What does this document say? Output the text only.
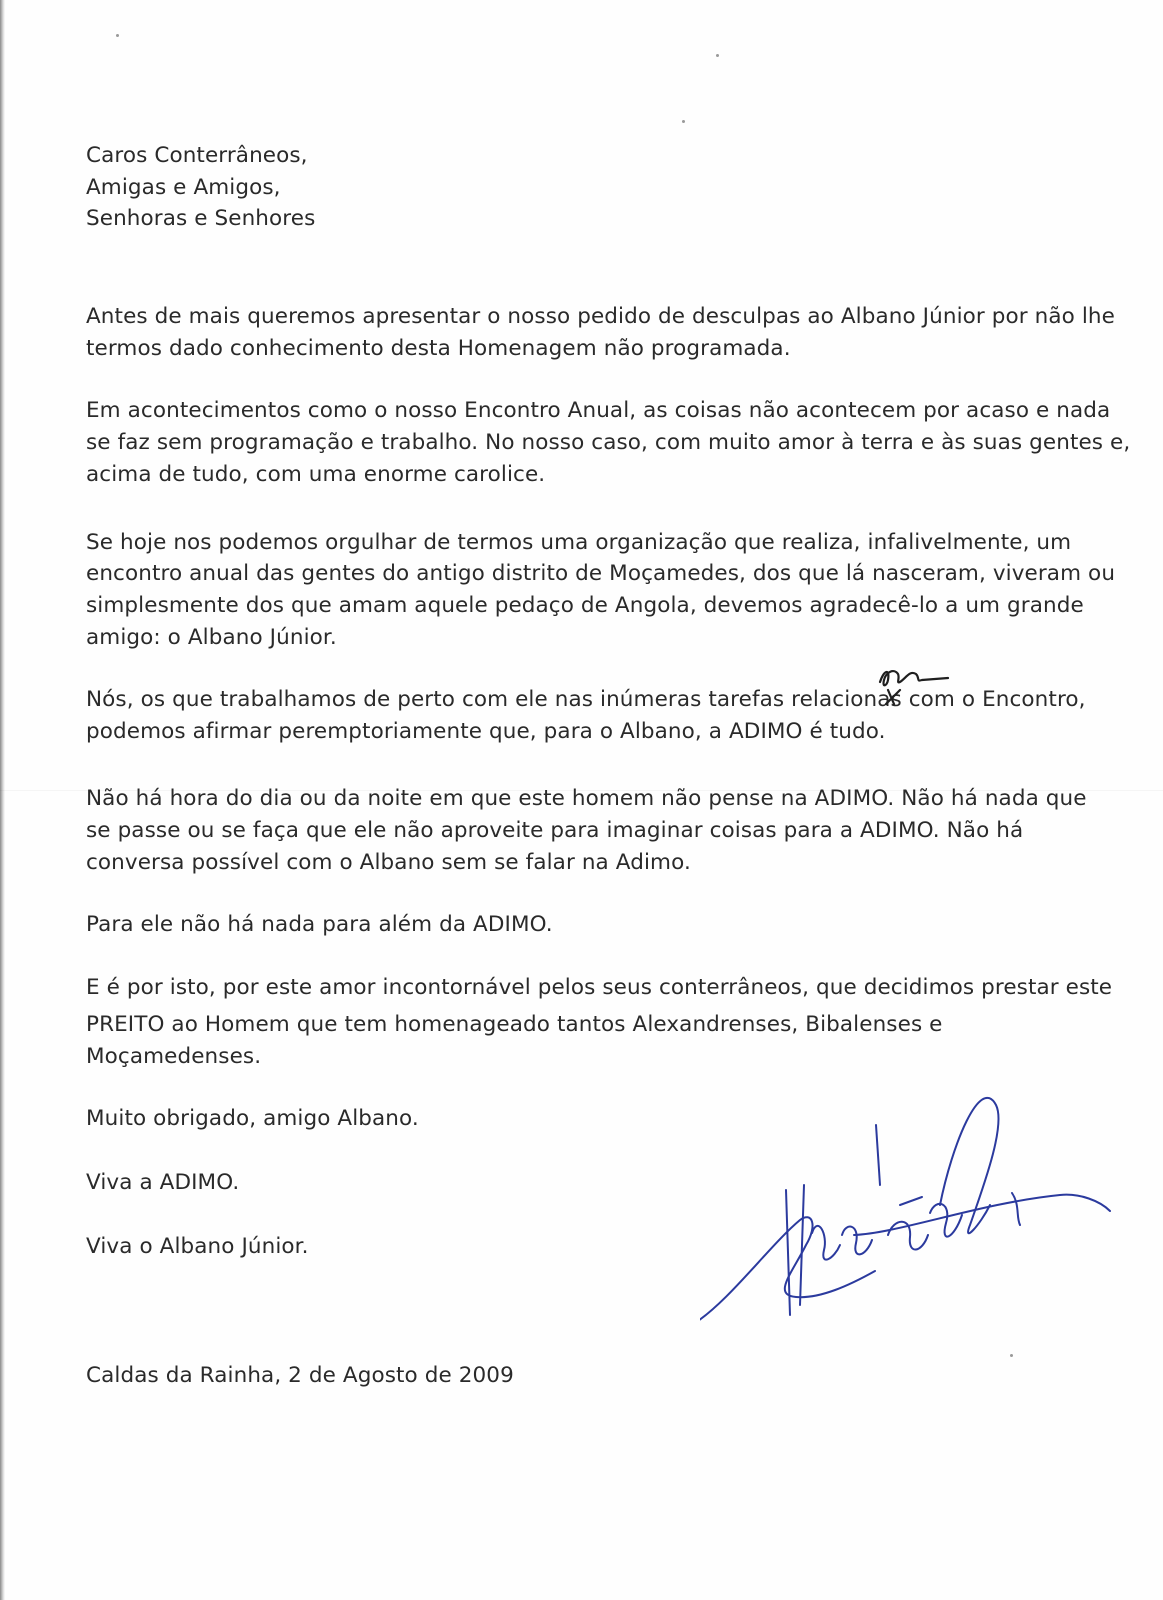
Caros Conterrâneos,
Amigas e Amigos,
Senhoras e Senhores
Antes de mais queremos apresentar o nosso pedido de desculpas ao Albano Júnior por não lhe
termos dado conhecimento desta Homenagem não programada.
Em acontecimentos como o nosso Encontro Anual, as coisas não acontecem por acaso e nada
se faz sem programação e trabalho. No nosso caso, com muito amor à terra e às suas gentes e,
acima de tudo, com uma enorme carolice.
Se hoje nos podemos orgulhar de termos uma organização que realiza, infalivelmente, um
encontro anual das gentes do antigo distrito de Moçamedes, dos que lá nasceram, viveram ou
simplesmente dos que amam aquele pedaço de Angola, devemos agradecê-lo a um grande
amigo: o Albano Júnior.
Nós, os que trabalhamos de perto com ele nas inúmeras tarefas relacionas com o Encontro,
podemos afirmar peremptoriamente que, para o Albano, a ADIMO é tudo.
Não há hora do dia ou da noite em que este homem não pense na ADIMO. Não há nada que
se passe ou se faça que ele não aproveite para imaginar coisas para a ADIMO. Não há
conversa possível com o Albano sem se falar na Adimo.
Para ele não há nada para além da ADIMO.
E é por isto, por este amor incontornável pelos seus conterrâneos, que decidimos prestar este
PREITO ao Homem que tem homenageado tantos Alexandrenses, Bibalenses e
Moçamedenses.
Muito obrigado, amigo Albano.
Viva a ADIMO.
Viva o Albano Júnior.
Caldas da Rainha, 2 de Agosto de 2009
